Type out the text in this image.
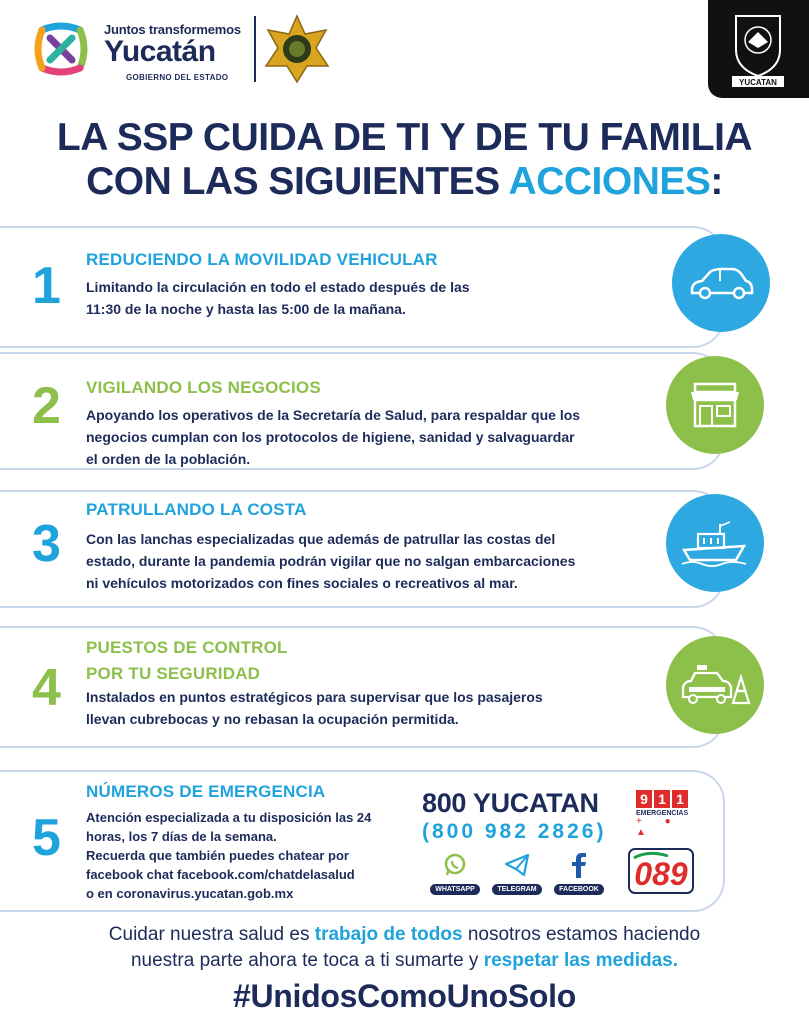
Juntos transformemos
Yucatán
GOBIERNO DEL ESTADO
YUCATAN
LA SSP CUIDA DE TI Y DE TU FAMILIA
CON LAS SIGUIENTES ACCIONES:
1 REDUCIENDO LA MOVILIDAD VEHICULAR
Limitando la circulación en todo el estado después de las
11:30 de la noche y hasta las 5:00 de la mañana.
2 VIGILANDO LOS NEGOCIOS
Apoyando los operativos de la Secretaría de Salud, para respaldar que los
negocios cumplan con los protocolos de higiene, sanidad y salvaguardar
el orden de la población.
3
PATRULLANDO LA COSTA
Con las lanchas especializadas que además de patrullar las costas del
estado, durante la pandemia podrán vigilar que no salgan embarcaciones
ni vehículos motorizados con fines sociales o recreativos al mar.
4
PUESTOS DE CONTROL
POR TU SEGURIDAD
Instalados en puntos estratégicos para supervisar que los pasajeros
llevan cubrebocas y no rebasan la ocupación permitida.
5
NÚMEROS DE EMERGENCIA
Atención especializada a tu disposición las 24
horas, los 7 días de la semana.
Recuerda que también puedes chatear por
facebook chat facebook.com/chatdelasalud
o en coronavirus.yucatan.gob.mx
800 YUCATAN
(800 982 2826)
9 1 1
EMERGENCIAS
+ ● ▲
WHATSAPP	TELEGRAM	FACEBOOK	089
Cuidar nuestra salud es trabajo de todos nosotros estamos haciendo
nuestra parte ahora te toca a ti sumarte y respetar las medidas.
#UnidosComoUnoSolo
